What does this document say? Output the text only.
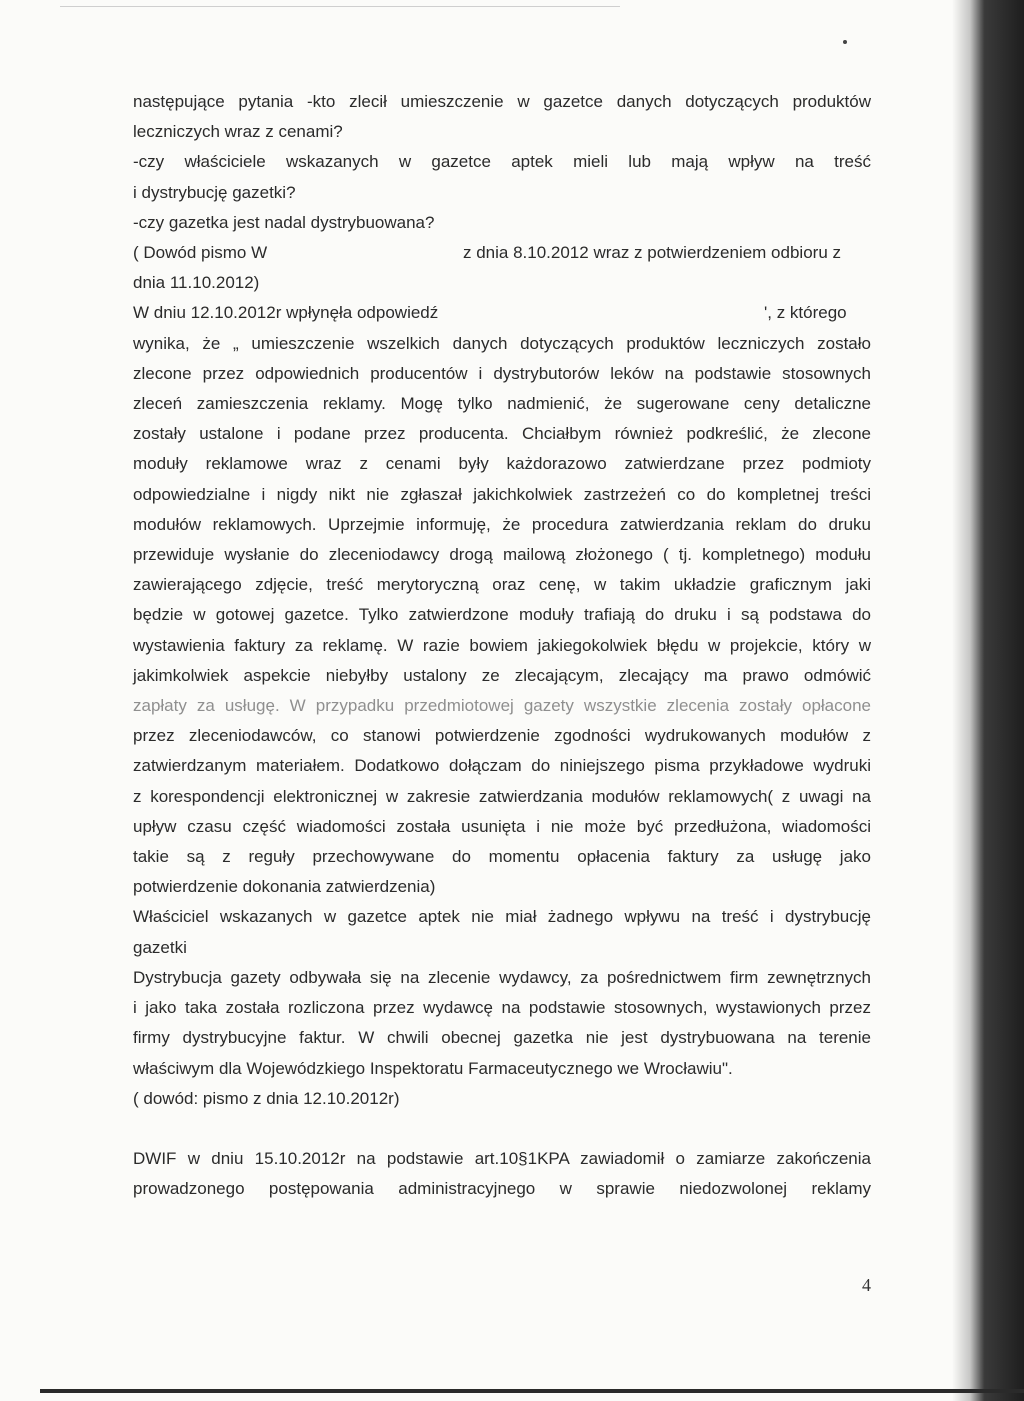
następujące pytania -kto zlecił umieszczenie w gazetce danych dotyczących produktów
leczniczych wraz z cenami?
-czy właściciele wskazanych w gazetce aptek mieli lub mają wpływ na treść
i dystrybucję gazetki?
-czy gazetka jest nadal dystrybuowana?
( Dowód pismo W	z dnia 8.10.2012 wraz z potwierdzeniem odbioru z
dnia 11.10.2012)
W dniu 12.10.2012r wpłynęła odpowiedź	', z którego
wynika, że „ umieszczenie wszelkich danych dotyczących produktów leczniczych zostało
zlecone przez odpowiednich producentów i dystrybutorów leków na podstawie stosownych
zleceń zamieszczenia reklamy. Mogę tylko nadmienić, że sugerowane ceny detaliczne
zostały ustalone i podane przez producenta. Chciałbym również podkreślić, że zlecone
moduły reklamowe wraz z cenami były każdorazowo zatwierdzane przez podmioty
odpowiedzialne i nigdy nikt nie zgłaszał jakichkolwiek zastrzeżeń co do kompletnej treści
modułów reklamowych. Uprzejmie informuję, że procedura zatwierdzania reklam do druku
przewiduje wysłanie do zleceniodawcy drogą mailową złożonego ( tj. kompletnego) modułu
zawierającego zdjęcie, treść merytoryczną oraz cenę, w takim układzie graficznym jaki
będzie w gotowej gazetce. Tylko zatwierdzone moduły trafiają do druku i są podstawa do
wystawienia faktury za reklamę. W razie bowiem jakiegokolwiek błędu w projekcie, który w
jakimkolwiek aspekcie niebyłby ustalony ze zlecającym, zlecający ma prawo odmówić
zapłaty za usługę. W przypadku przedmiotowej gazety wszystkie zlecenia zostały opłacone
przez zleceniodawców, co stanowi potwierdzenie zgodności wydrukowanych modułów z
zatwierdzanym materiałem. Dodatkowo dołączam do niniejszego pisma przykładowe wydruki
z korespondencji elektronicznej w zakresie zatwierdzania modułów reklamowych( z uwagi na
upływ czasu część wiadomości została usunięta i nie może być przedłużona, wiadomości
takie są z reguły przechowywane do momentu opłacenia faktury za usługę jako
potwierdzenie dokonania zatwierdzenia)
Właściciel wskazanych w gazetce aptek nie miał żadnego wpływu na treść i dystrybucję
gazetki
Dystrybucja gazety odbywała się na zlecenie wydawcy, za pośrednictwem firm zewnętrznych
i jako taka została rozliczona przez wydawcę na podstawie stosownych, wystawionych przez
firmy dystrybucyjne faktur. W chwili obecnej gazetka nie jest dystrybuowana na terenie
właściwym dla Wojewódzkiego Inspektoratu Farmaceutycznego we Wrocławiu".
( dowód: pismo z dnia 12.10.2012r)
DWIF w dniu 15.10.2012r na podstawie art.10§1KPA zawiadomił o zamiarze zakończenia
prowadzonego postępowania administracyjnego w sprawie niedozwolonej reklamy
4
